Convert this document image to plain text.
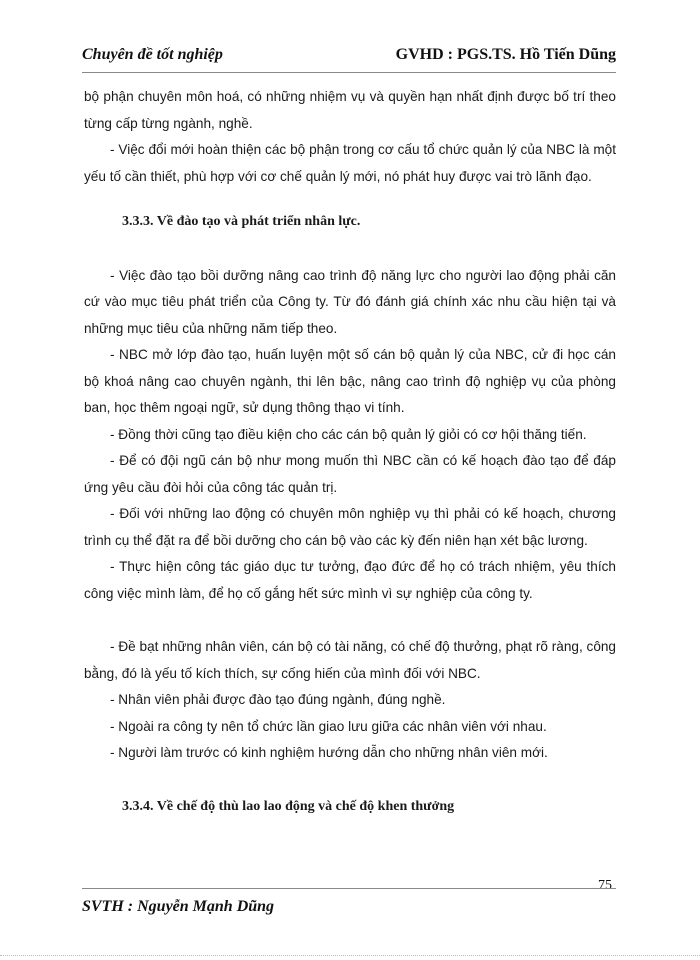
Chuyên đề tốt nghiệp	GVHD : PGS.TS. Hồ Tiến Dũng

bộ phận chuyên môn hoá, có những nhiệm vụ và quyền hạn nhất định được bố trí theo từng cấp từng ngành, nghề.

- Việc đổi mới hoàn thiện các bộ phận trong cơ cấu tổ chức quản lý của NBC là một yếu tố cần thiết, phù hợp với cơ chế quản lý mới, nó phát huy được vai trò lãnh đạo.

3.3.3. Về đào tạo và phát triển nhân lực.

- Việc đào tạo bồi dưỡng nâng cao trình độ năng lực cho người lao động phải căn cứ vào mục tiêu phát triển của Công ty. Từ đó đánh giá chính xác nhu cầu hiện tại và những mục tiêu của những năm tiếp theo.

- NBC mở lớp đào tạo, huấn luyện một số cán bộ quản lý của NBC, cử đi học cán bộ khoá nâng cao chuyên ngành, thi lên bậc, nâng cao trình độ nghiệp vụ của phòng ban, học thêm ngoại ngữ, sử dụng thông thạo vi tính.

- Đồng thời cũng tạo điều kiện cho các cán bộ quản lý giỏi có cơ hội thăng tiến.

- Để có đội ngũ cán bộ như mong muốn thì NBC cần có kế hoạch đào tạo để đáp ứng yêu cầu đòi hỏi của công tác quản trị.

- Đối với những lao động có chuyên môn nghiệp vụ thì phải có kế hoạch, chương trình cụ thể đặt ra để bồi dưỡng cho cán bộ vào các kỳ đến niên hạn xét bậc lương.

- Thực hiện công tác giáo dục tư tưởng, đạo đức để họ có trách nhiệm, yêu thích công việc mình làm, để họ cố gắng hết sức mình vì sự nghiệp của công ty.

- Đề bạt những nhân viên, cán bộ có tài năng, có chế độ thưởng, phạt rõ ràng, công bằng, đó là yếu tố kích thích, sự cống hiến của mình đối với NBC.

- Nhân viên phải được đào tạo đúng ngành, đúng nghề.

- Ngoài ra công ty nên tổ chức lần giao lưu giữa các nhân viên với nhau.

- Người làm trước có kinh nghiệm hướng dẫn cho những nhân viên mới.

3.3.4. Về chế độ thù lao lao động và chế độ khen thưởng

75
SVTH : Nguyễn Mạnh Dũng
